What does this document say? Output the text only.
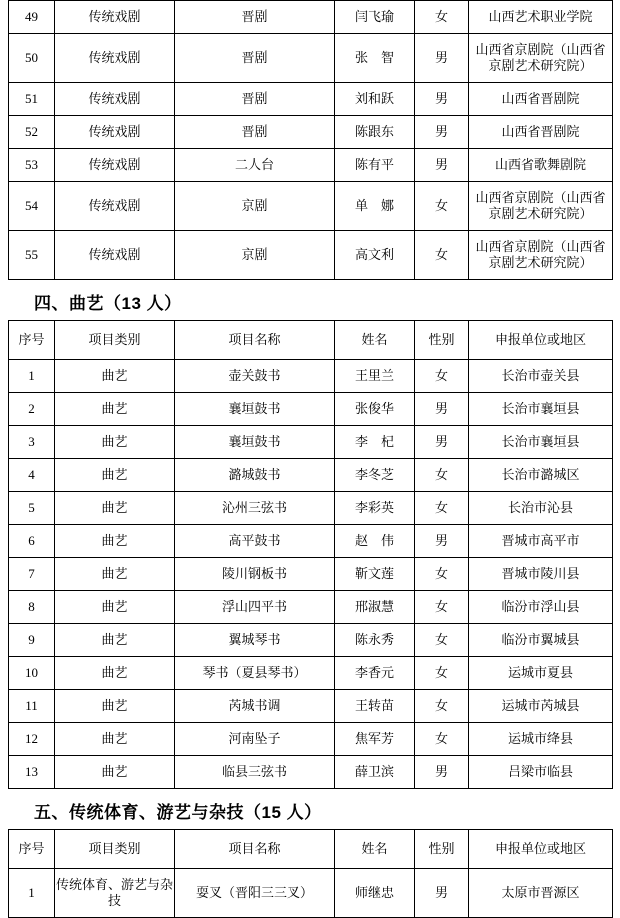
49	传统戏剧	晋剧	闫飞瑜	女	山西艺术职业学院
50	传统戏剧	晋剧	张　智	男	山西省京剧院（山西省京剧艺术研究院）
51	传统戏剧	晋剧	刘和跃	男	山西省晋剧院
52	传统戏剧	晋剧	陈跟东	男	山西省晋剧院
53	传统戏剧	二人台	陈有平	男	山西省歌舞剧院
54	传统戏剧	京剧	单　娜	女	山西省京剧院（山西省京剧艺术研究院）
55	传统戏剧	京剧	高文利	女	山西省京剧院（山西省京剧艺术研究院）
四、曲艺（13 人）
序号	项目类别	项目名称	姓名	性别	申报单位或地区
1	曲艺	壶关鼓书	王里兰	女	长治市壶关县
2	曲艺	襄垣鼓书	张俊华	男	长治市襄垣县
3	曲艺	襄垣鼓书	李　杞	男	长治市襄垣县
4	曲艺	潞城鼓书	李冬芝	女	长治市潞城区
5	曲艺	沁州三弦书	李彩英	女	长治市沁县
6	曲艺	高平鼓书	赵　伟	男	晋城市高平市
7	曲艺	陵川钢板书	靳文莲	女	晋城市陵川县
8	曲艺	浮山四平书	邢淑慧	女	临汾市浮山县
9	曲艺	翼城琴书	陈永秀	女	临汾市翼城县
10	曲艺	琴书（夏县琴书）	李香元	女	运城市夏县
11	曲艺	芮城书调	王转苗	女	运城市芮城县
12	曲艺	河南坠子	焦军芳	女	运城市绛县
13	曲艺	临县三弦书	薛卫滨	男	吕梁市临县
五、传统体育、游艺与杂技（15 人）
序号	项目类别	项目名称	姓名	性别	申报单位或地区
1	传统体育、游艺与杂技	耍叉（晋阳三三叉）	师继忠	男	太原市晋源区
